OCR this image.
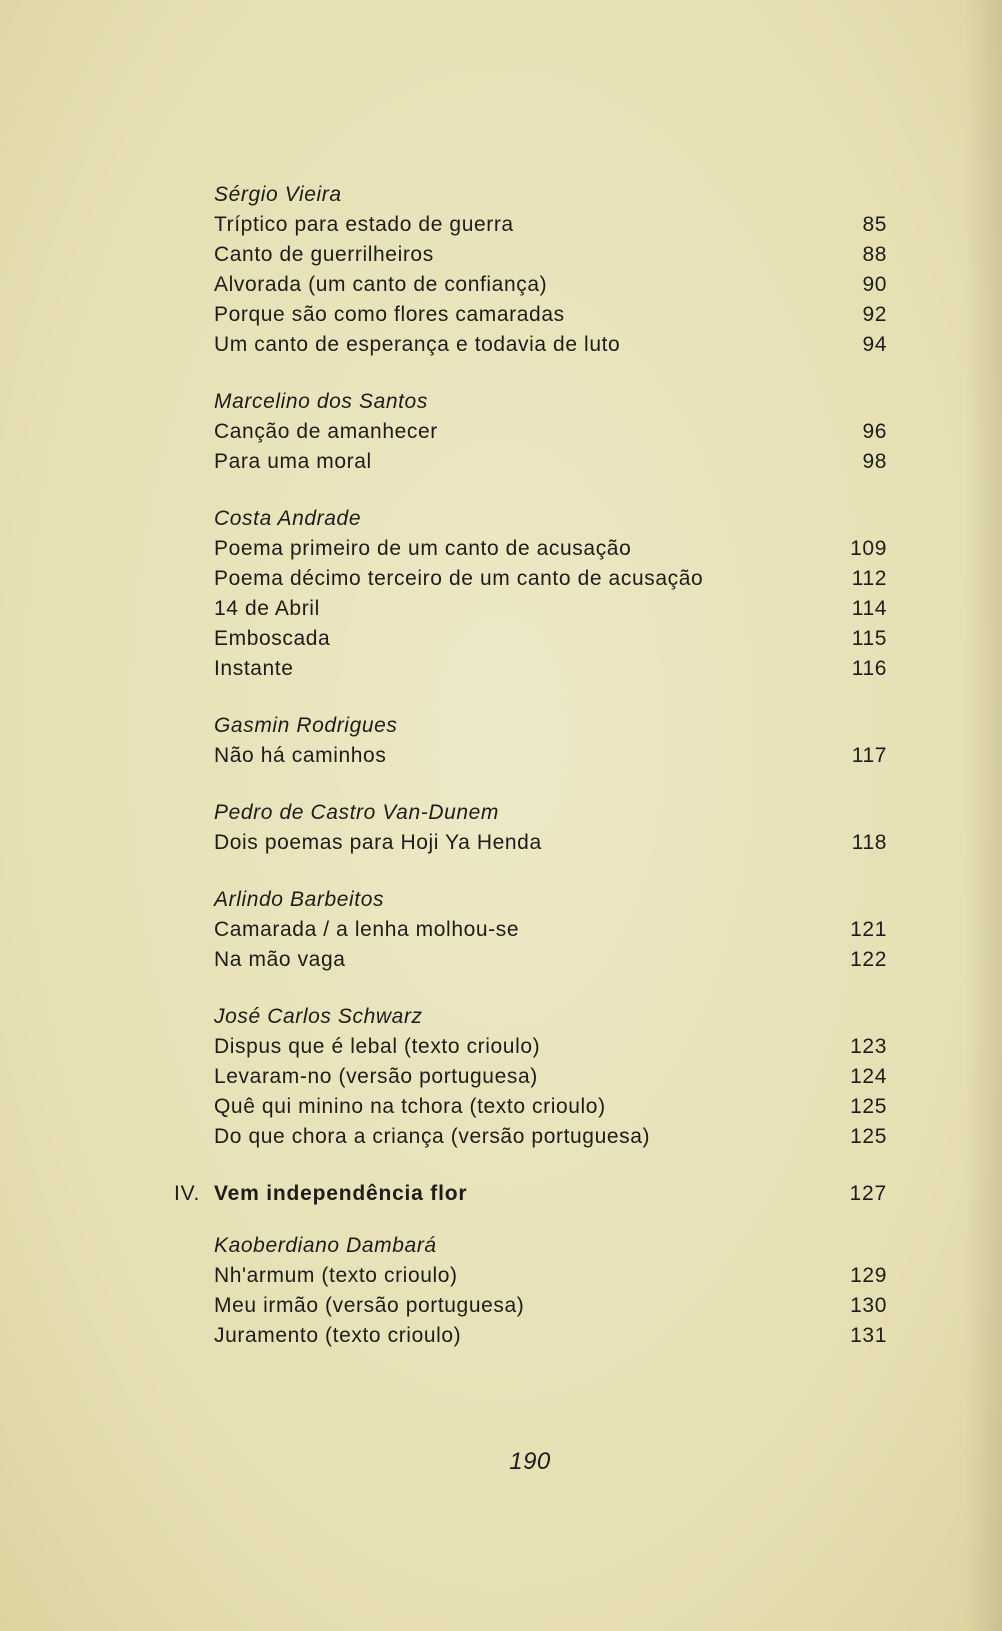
Sérgio Vieira
Tríptico para estado de guerra	85
Canto de guerrilheiros	88
Alvorada (um canto de confiança)	90
Porque são como flores camaradas	92
Um canto de esperança e todavia de luto	94
Marcelino dos Santos
Canção de amanhecer	96
Para uma moral	98
Costa Andrade
Poema primeiro de um canto de acusação	109
Poema décimo terceiro de um canto de acusação	112
14 de Abril	114
Emboscada	115
Instante	116
Gasmin Rodrigues
Não há caminhos	117
Pedro de Castro Van-Dunem
Dois poemas para Hoji Ya Henda	118
Arlindo Barbeitos
Camarada / a lenha molhou-se	121
Na mão vaga	122
José Carlos Schwarz
Dispus que é lebal (texto crioulo)	123
Levaram-no (versão portuguesa)	124
Quê qui minino na tchora (texto crioulo)	125
Do que chora a criança (versão portuguesa)	125
IV. Vem independência flor	127
Kaoberdiano Dambará
Nh'armum (texto crioulo)	129
Meu irmão (versão portuguesa)	130
Juramento (texto crioulo)	131
190
